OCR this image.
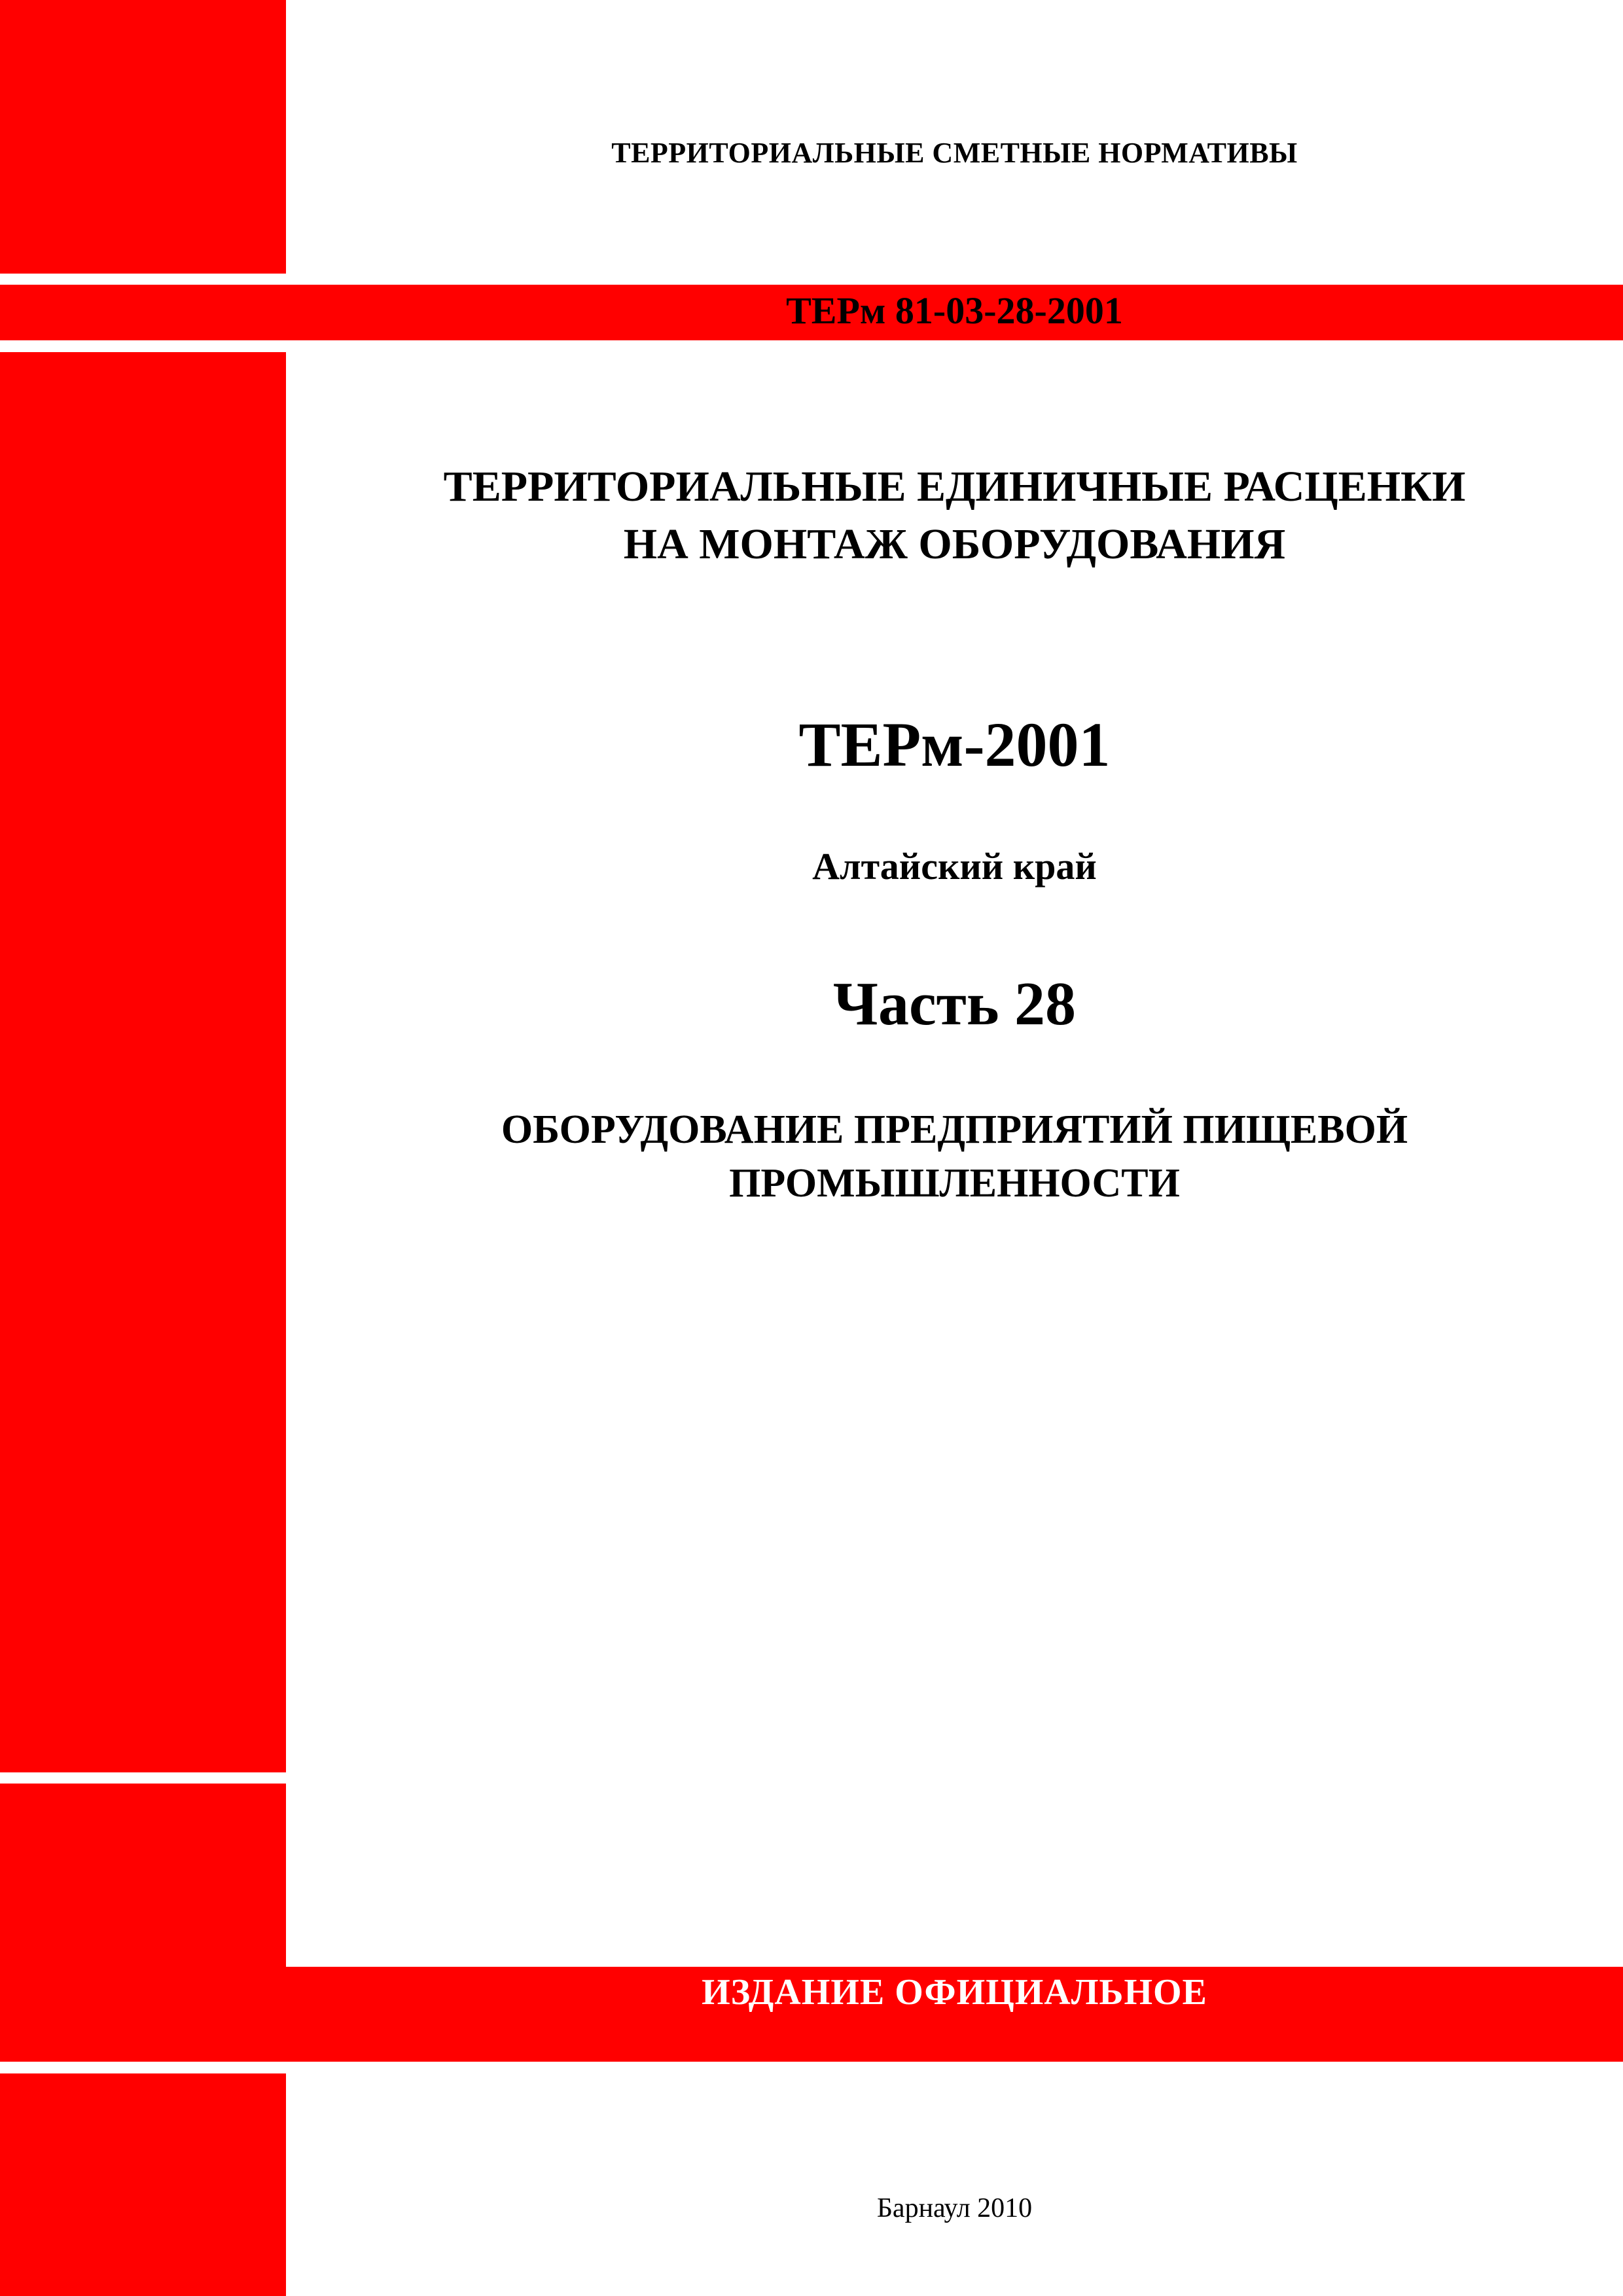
ТЕРРИТОРИАЛЬНЫЕ СМЕТНЫЕ НОРМАТИВЫ
ТЕРм 81-03-28-2001
ТЕРРИТОРИАЛЬНЫЕ ЕДИНИЧНЫЕ РАСЦЕНКИ
НА МОНТАЖ ОБОРУДОВАНИЯ
ТЕРм-2001
Алтайский край
Часть 28
ОБОРУДОВАНИЕ ПРЕДПРИЯТИЙ ПИЩЕВОЙ
ПРОМЫШЛЕННОСТИ
ИЗДАНИЕ ОФИЦИАЛЬНОЕ
Барнаул 2010
